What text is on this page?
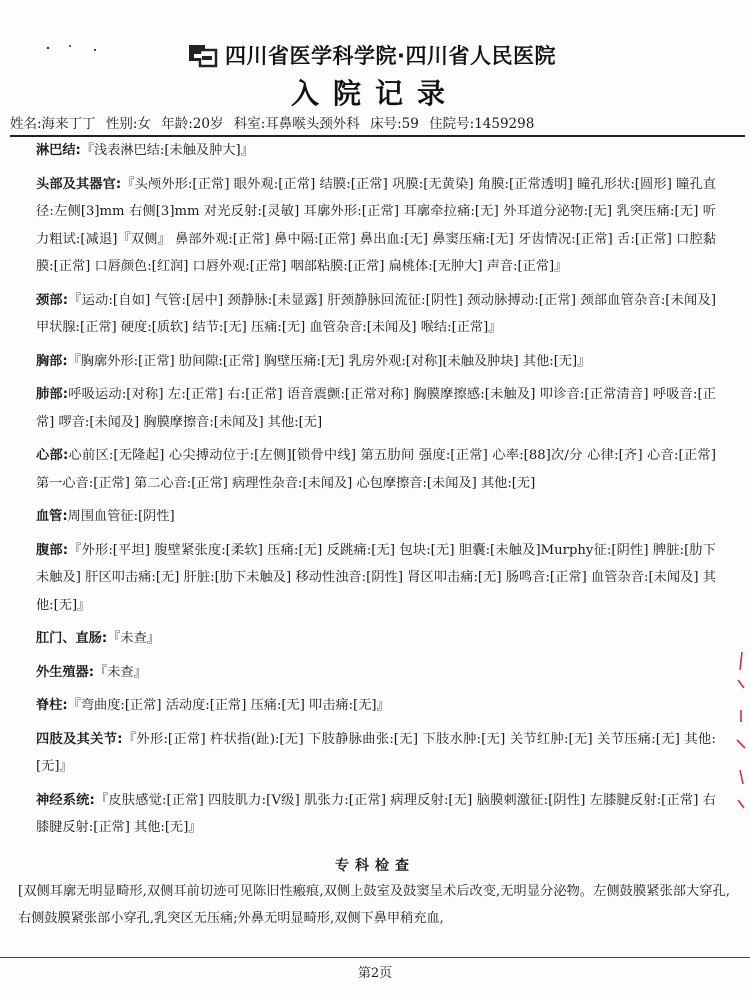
四川省医学科学院·四川省人民医院
入院记录
姓名:海来丁丁 性别:女 年龄:20岁 科室:耳鼻喉头颈外科 床号:59 住院号:1459298

淋巴结:『浅表淋巴结:[未触及肿大]』

头部及其器官:『头颅外形:[正常] 眼外观:[正常] 结膜:[正常] 巩膜:[无黄染] 角膜:[正常透明] 瞳孔形状:[圆形] 瞳孔直径:左侧[3]mm 右侧[3]mm 对光反射:[灵敏] 耳廓外形:[正常] 耳廓牵拉痛:[无] 外耳道分泌物:[无] 乳突压痛:[无] 听力粗试:[减退]『双侧』 鼻部外观:[正常] 鼻中隔:[正常] 鼻出血:[无] 鼻窦压痛:[无] 牙齿情况:[正常] 舌:[正常] 口腔黏膜:[正常] 口唇颜色:[红润] 口唇外观:[正常] 咽部粘膜:[正常] 扁桃体:[无肿大] 声音:[正常]』

颈部:『运动:[自如] 气管:[居中] 颈静脉:[未显露] 肝颈静脉回流征:[阴性] 颈动脉搏动:[正常] 颈部血管杂音:[未闻及] 甲状腺:[正常] 硬度:[质软] 结节:[无] 压痛:[无] 血管杂音:[未闻及] 喉结:[正常]』

胸部:『胸廓外形:[正常] 肋间隙:[正常] 胸壁压痛:[无] 乳房外观:[对称][未触及肿块] 其他:[无]』

肺部:呼吸运动:[对称] 左:[正常] 右:[正常] 语音震颤:[正常对称] 胸膜摩擦感:[未触及] 叩诊音:[正常清音] 呼吸音:[正常] 啰音:[未闻及] 胸膜摩擦音:[未闻及] 其他:[无]

心部:心前区:[无隆起] 心尖搏动位于:[左侧][锁骨中线] 第五肋间 强度:[正常] 心率:[88]次/分 心律:[齐] 心音:[正常] 第一心音:[正常] 第二心音:[正常] 病理性杂音:[未闻及] 心包摩擦音:[未闻及] 其他:[无]

血管:周围血管征:[阴性]

腹部:『外形:[平坦] 腹壁紧张度:[柔软] 压痛:[无] 反跳痛:[无] 包块:[无] 胆囊:[未触及]Murphy征:[阴性] 脾脏:[肋下未触及] 肝区叩击痛:[无] 肝脏:[肋下未触及] 移动性浊音:[阴性] 肾区叩击痛:[无] 肠鸣音:[正常] 血管杂音:[未闻及] 其他:[无]』

肛门、直肠:『未查』

外生殖器:『未查』

脊柱:『弯曲度:[正常] 活动度:[正常] 压痛:[无] 叩击痛:[无]』

四肢及其关节:『外形:[正常] 杵状指(趾):[无] 下肢静脉曲张:[无] 下肢水肿:[无] 关节红肿:[无] 关节压痛:[无] 其他:[无]』

神经系统:『皮肤感觉:[正常] 四肢肌力:[Ⅴ级] 肌张力:[正常] 病理反射:[无] 脑膜刺激征:[阴性] 左膝腱反射:[正常] 右膝腱反射:[正常] 其他:[无]』

专科检查
[双侧耳廓无明显畸形,双侧耳前切迹可见陈旧性瘢痕,双侧上鼓室及鼓窦呈术后改变,无明显分泌物。左侧鼓膜紧张部大穿孔,右侧鼓膜紧张部小穿孔,乳突区无压痛;外鼻无明显畸形,双侧下鼻甲稍充血,
第2页
